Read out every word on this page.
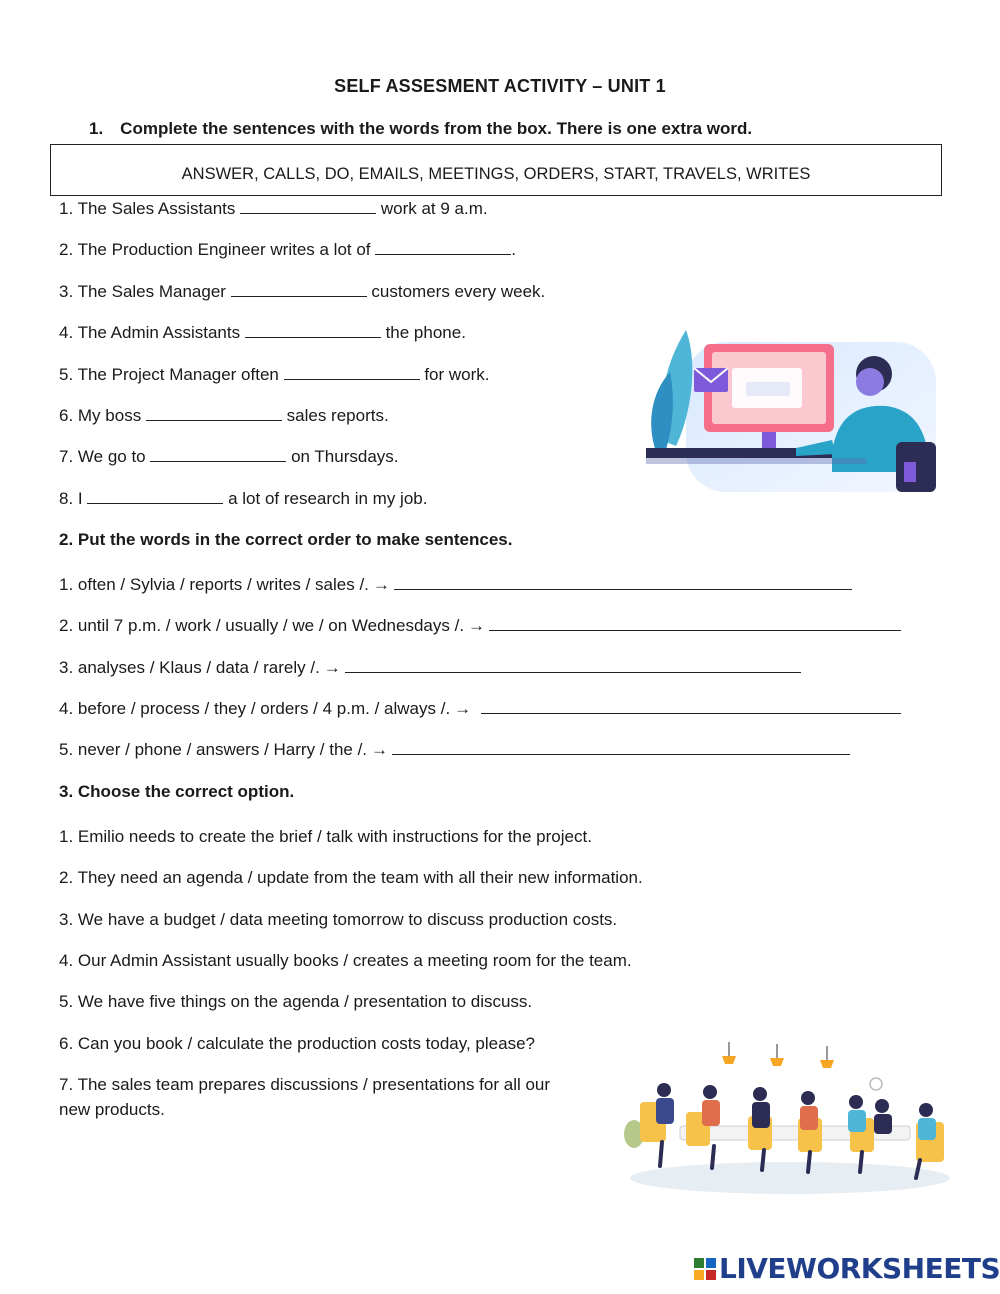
SELF ASSESMENT ACTIVITY – UNIT 1
1. Complete the sentences with the words from the box. There is one extra word.
ANSWER, CALLS, DO, EMAILS, MEETINGS, ORDERS, START, TRAVELS, WRITES
1. The Sales Assistants	work at 9 a.m.
2. The Production Engineer writes a lot of	.
3. The Sales Manager	customers every week.
4. The Admin Assistants	the phone.
5. The Project Manager often	for work.
6. My boss	sales reports.
7. We go to	on Thursdays.
8. I	a lot of research in my job.
2. Put the words in the correct order to make sentences.
1. often / Sylvia / reports / writes / sales /. →
2. until 7 p.m. / work / usually / we / on Wednesdays /. →
3. analyses / Klaus / data / rarely /. →
4. before / process / they / orders / 4 p.m. / always /. →
5. never / phone / answers / Harry / the /. →
3. Choose the correct option.
1. Emilio needs to create the brief / talk with instructions for the project.
2. They need an agenda / update from the team with all their new information.
3. We have a budget / data meeting tomorrow to discuss production costs.
4. Our Admin Assistant usually books / creates a meeting room for the team.
5. We have five things on the agenda / presentation to discuss.
6. Can you book / calculate the production costs today, please?
7. The sales team prepares discussions / presentations for all our
new products.
LIVEWORKSHEETS
